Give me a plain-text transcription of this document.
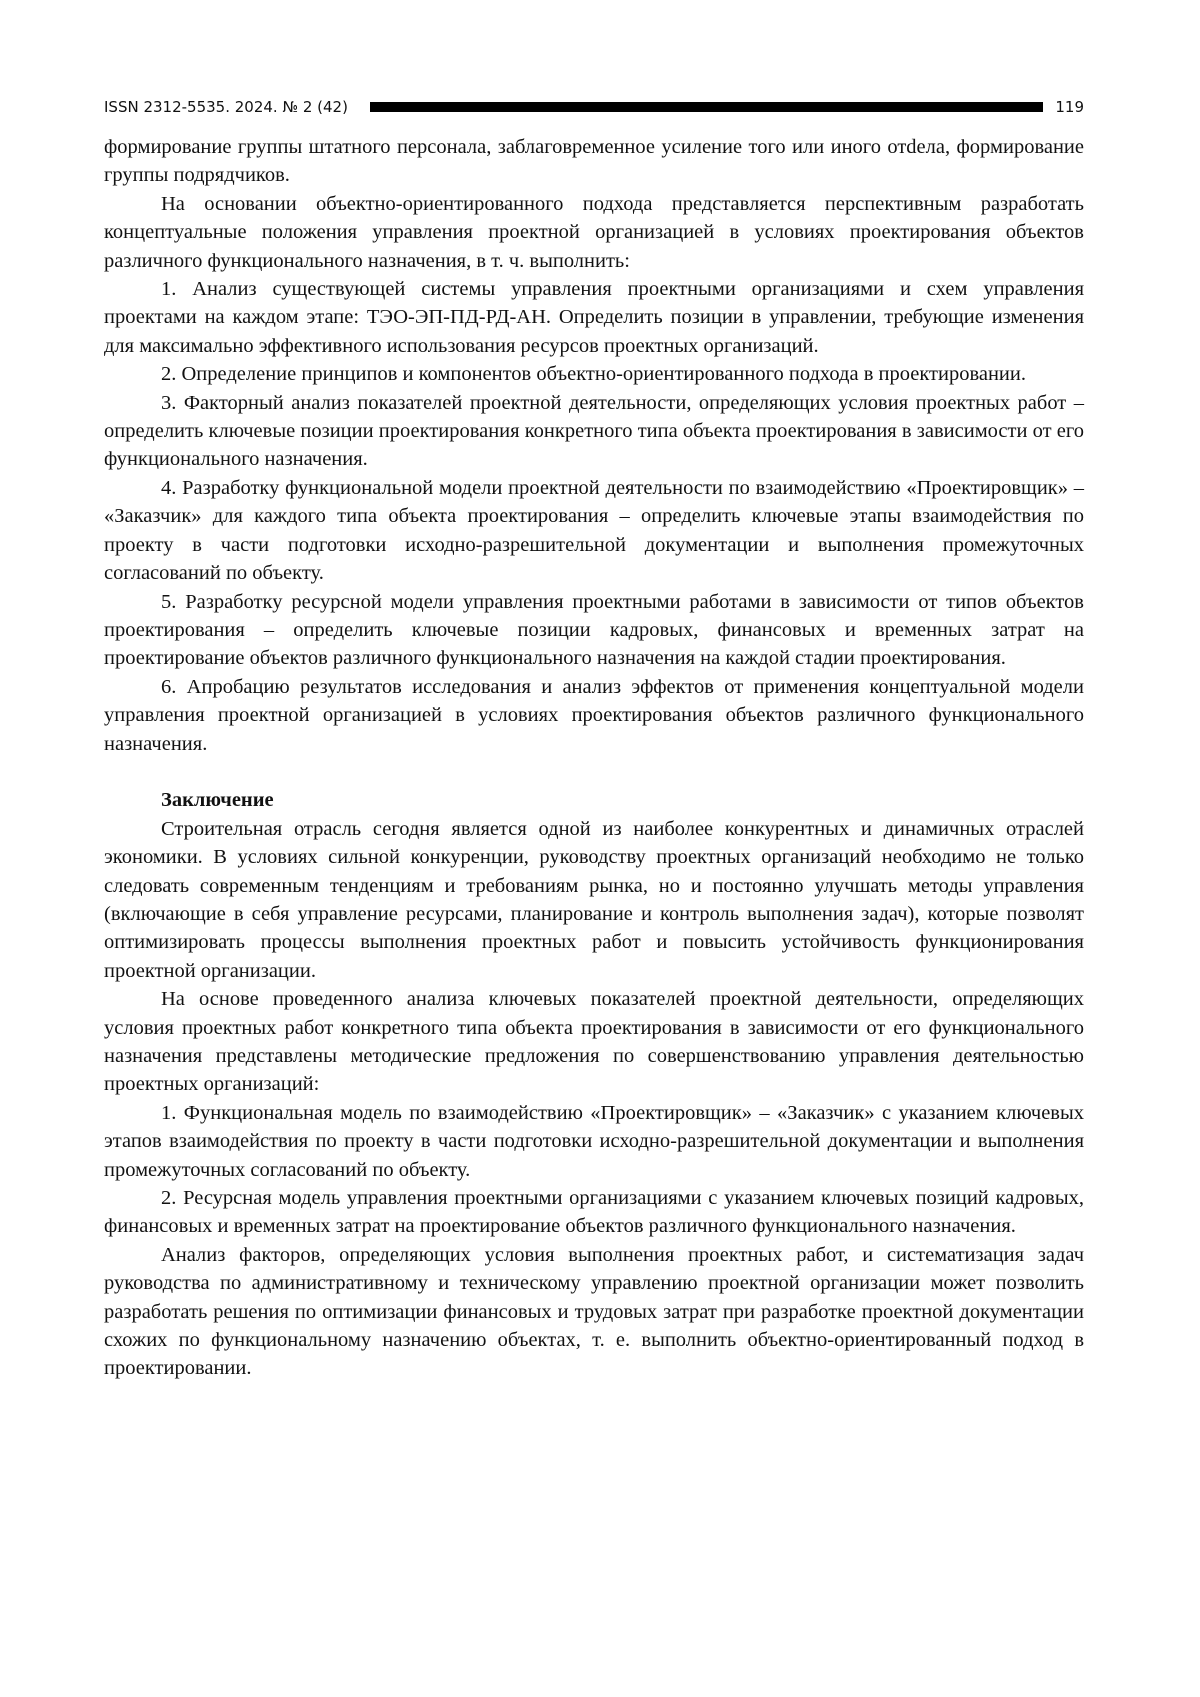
ISSN 2312-5535. 2024. № 2 (42)	119

формирование группы штатного персонала, заблаговременное усиление того или иного отdела, формирование группы подрядчиков.

На основании объектно-ориентированного подхода представляется перспективным разработать концептуальные положения управления проектной организацией в условиях проектирования объектов различного функционального назначения, в т. ч. выполнить:

1. Анализ существующей системы управления проектными организациями и схем управления проектами на каждом этапе: ТЭО-ЭП-ПД-РД-АН. Определить позиции в управлении, требующие изменения для максимально эффективного использования ресурсов проектных организаций.

2. Определение принципов и компонентов объектно-ориентированного подхода в проектировании.

3. Факторный анализ показателей проектной деятельности, определяющих условия проектных работ – определить ключевые позиции проектирования конкретного типа объекта проектирования в зависимости от его функционального назначения.

4. Разработку функциональной модели проектной деятельности по взаимодействию «Проектировщик» – «Заказчик» для каждого типа объекта проектирования – определить ключевые этапы взаимодействия по проекту в части подготовки исходно-разрешительной документации и выполнения промежуточных согласований по объекту.

5. Разработку ресурсной модели управления проектными работами в зависимости от типов объектов проектирования – определить ключевые позиции кадровых, финансовых и временных затрат на проектирование объектов различного функционального назначения на каждой стадии проектирования.

6. Апробацию результатов исследования и анализ эффектов от применения концептуальной модели управления проектной организацией в условиях проектирования объектов различного функционального назначения.

Заключение

Строительная отрасль сегодня является одной из наиболее конкурентных и динамичных отраслей экономики. В условиях сильной конкуренции, руководству проектных организаций необходимо не только следовать современным тенденциям и требованиям рынка, но и постоянно улучшать методы управления (включающие в себя управление ресурсами, планирование и контроль выполнения задач), которые позволят оптимизировать процессы выполнения проектных работ и повысить устойчивость функционирования проектной организации.

На основе проведенного анализа ключевых показателей проектной деятельности, определяющих условия проектных работ конкретного типа объекта проектирования в зависимости от его функционального назначения представлены методические предложения по совершенствованию управления деятельностью проектных организаций:

1. Функциональная модель по взаимодействию «Проектировщик» – «Заказчик» с указанием ключевых этапов взаимодействия по проекту в части подготовки исходно-разрешительной документации и выполнения промежуточных согласований по объекту.

2. Ресурсная модель управления проектными организациями с указанием ключевых позиций кадровых, финансовых и временных затрат на проектирование объектов различного функционального назначения.

Анализ факторов, определяющих условия выполнения проектных работ, и систематизация задач руководства по административному и техническому управлению проектной организации может позволить разработать решения по оптимизации финансовых и трудовых затрат при разработке проектной документации схожих по функциональному назначению объектах, т. е. выполнить объектно-ориентированный подход в проектировании.
